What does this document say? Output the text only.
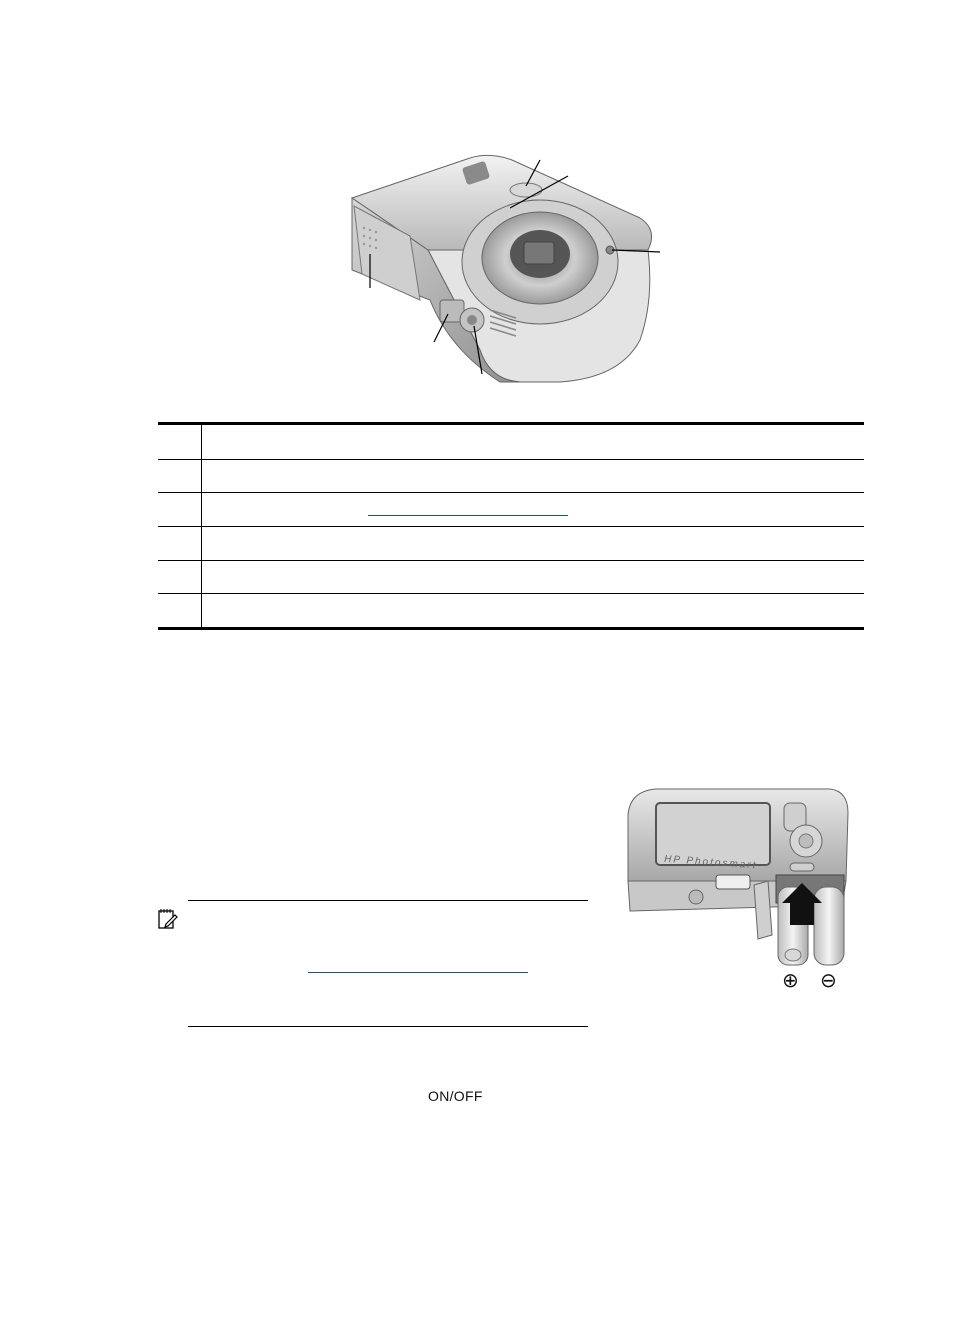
HP Photosmart
⊕ ⊖
ON/OFF
